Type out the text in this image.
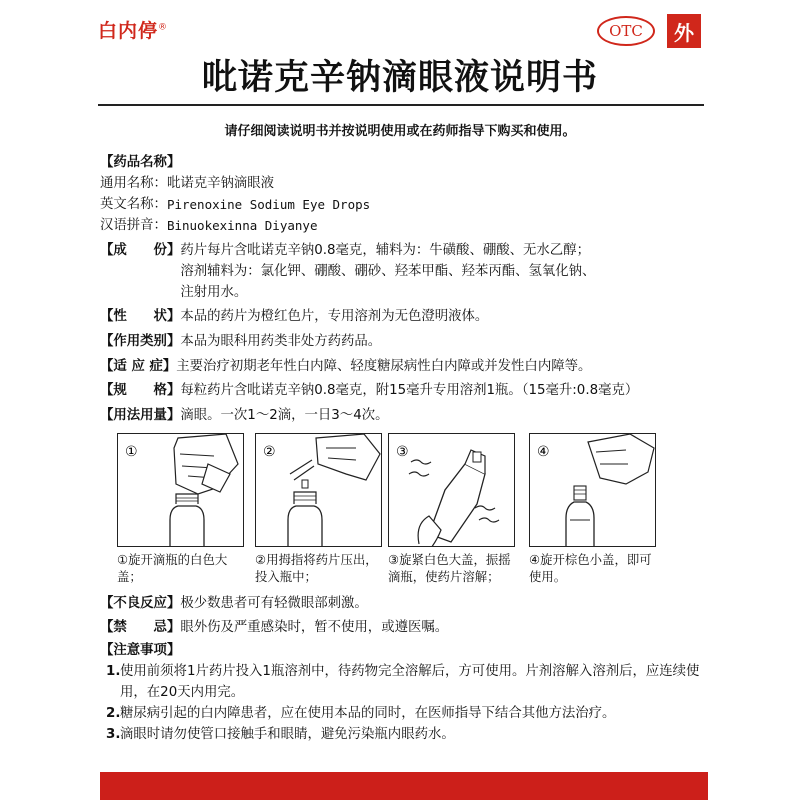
白内停®	OTC	外
吡诺克辛钠滴眼液说明书
请仔细阅读说明书并按说明使用或在药师指导下购买和使用。
【药品名称】
通用名称： 吡诺克辛钠滴眼液
英文名称： Pirenoxine Sodium Eye Drops
汉语拼音： Binuokexinna Diyanye
【成　　份】 药片每片含吡诺克辛钠0.8毫克，辅料为：牛磺酸、硼酸、无水乙醇；
溶剂辅料为：氯化钾、硼酸、硼砂、羟苯甲酯、羟苯丙酯、氢氧化钠、
注射用水。
【性　　状】 本品的药片为橙红色片，专用溶剂为无色澄明液体。
【作用类别】 本品为眼科用药类非处方药药品。
【适 应 症】 主要治疗初期老年性白内障、轻度糖尿病性白内障或并发性白内障等。
【规　　格】 每粒药片含吡诺克辛钠0.8毫克，附15毫升专用溶剂1瓶。（15毫升:0.8毫克）
【用法用量】 滴眼。一次1～2滴，一日3～4次。
①	②	③	④
①旋开滴瓶的白色大盖；
②用拇指将药片压出，投入瓶中；
③旋紧白色大盖，振摇滴瓶，使药片溶解；
④旋开棕色小盖，即可使用。
【不良反应】 极少数患者可有轻微眼部刺激。
【禁　　忌】 眼外伤及严重感染时，暂不使用，或遵医嘱。
【注意事项】
1. 使用前须将1片药片投入1瓶溶剂中，待药物完全溶解后，方可使用。片剂溶解入溶剂后，应连续使用，在20天内用完。
2. 糖尿病引起的白内障患者，应在使用本品的同时，在医师指导下结合其他方法治疗。
3. 滴眼时请勿使管口接触手和眼睛，避免污染瓶内眼药水。
